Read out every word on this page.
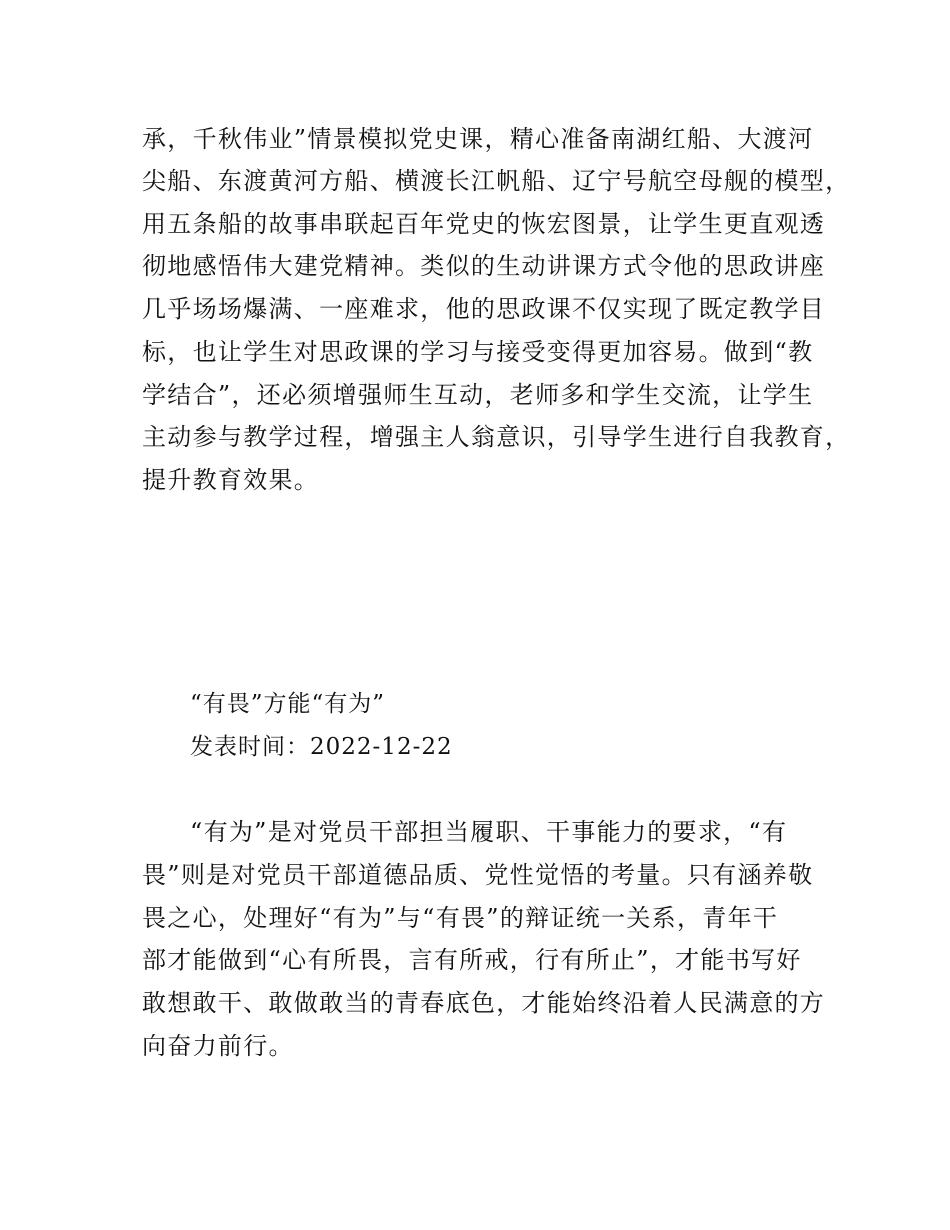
承，千秋伟业”情景模拟党史课，精心准备南湖红船、大渡河
尖船、东渡黄河方船、横渡长江帆船、辽宁号航空母舰的模型，
用五条船的故事串联起百年党史的恢宏图景，让学生更直观透
彻地感悟伟大建党精神。类似的生动讲课方式令他的思政讲座
几乎场场爆满、一座难求，他的思政课不仅实现了既定教学目
标，也让学生对思政课的学习与接受变得更加容易。做到“教
学结合”，还必须增强师生互动，老师多和学生交流，让学生
主动参与教学过程，增强主人翁意识，引导学生进行自我教育，
提升教育效果。
“有畏”方能“有为”
发表时间：2022-12-22
“有为”是对党员干部担当履职、干事能力的要求，“有
畏”则是对党员干部道德品质、党性觉悟的考量。只有涵养敬
畏之心，处理好“有为”与“有畏”的辩证统一关系，青年干
部才能做到“心有所畏，言有所戒，行有所止”，才能书写好
敢想敢干、敢做敢当的青春底色，才能始终沿着人民满意的方
向奋力前行。
